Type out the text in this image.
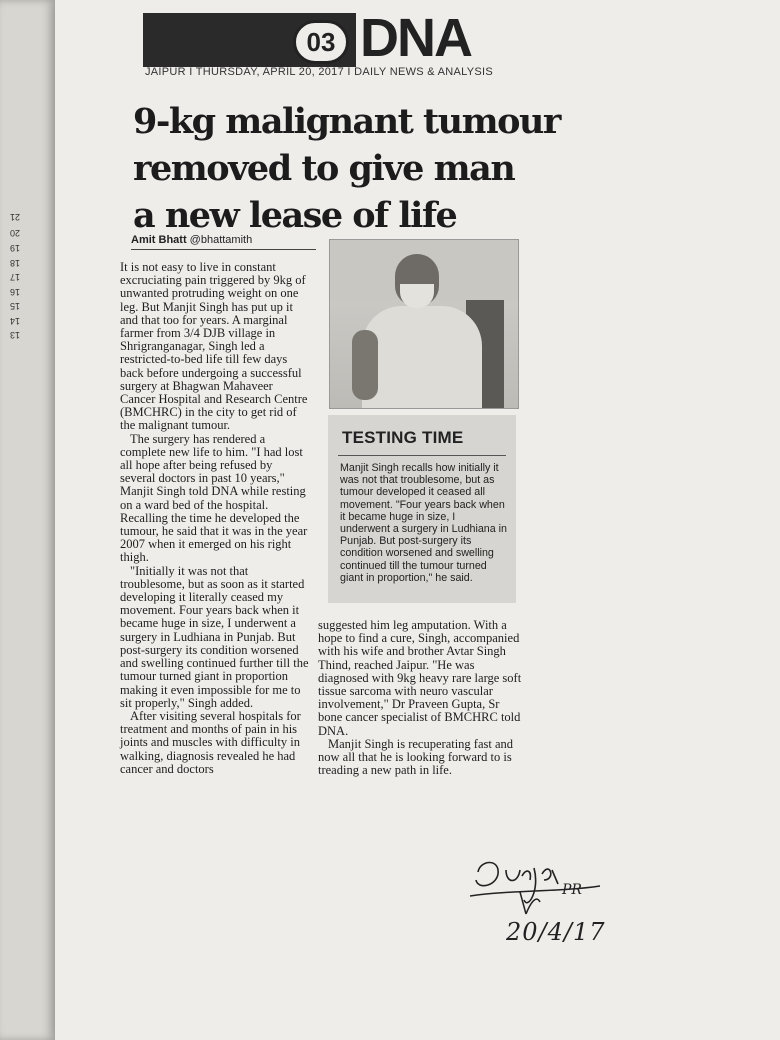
21
20
19
18
17
16
15
14
13
03 DNA
JAIPUR I THURSDAY, APRIL 20, 2017 I DAILY NEWS & ANALYSIS
9-kg malignant tumour
removed to give man
a new lease of life
Amit Bhatt @bhattamith

It is not easy to live in constant excruciating pain triggered by 9kg of unwanted protruding weight on one leg. But Manjit Singh has put up it and that too for years. A marginal farmer from 3/4 DJB village in Shrigranganagar, Singh led a restricted-to-bed life till few days back before undergoing a successful surgery at Bhagwan Mahaveer Cancer Hospital and Research Centre (BMCHRC) in the city to get rid of the malignant tumour.

The surgery has rendered a complete new life to him. "I had lost all hope after being refused by several doctors in past 10 years," Manjit Singh told DNA while resting on a ward bed of the hospital. Recalling the time he developed the tumour, he said that it was in the year 2007 when it emerged on his right thigh.

"Initially it was not that troublesome, but as soon as it started developing it literally ceased my movement. Four years back when it became huge in size, I underwent a surgery in Ludhiana in Punjab. But post-surgery its condition worsened and swelling continued further till the tumour turned giant in proportion making it even impossible for me to sit properly," Singh added.

After visiting several hospitals for treatment and months of pain in his joints and muscles with difficulty in walking, diagnosis revealed he had cancer and doctors

TESTING TIME
Manjit Singh recalls how initially it was not that troublesome, but as tumour developed it ceased all movement. "Four years back when it became huge in size, I underwent a surgery in Ludhiana in Punjab. But post-surgery its condition worsened and swelling continued till the tumour turned giant in proportion," he said.

suggested him leg amputation. With a hope to find a cure, Singh, accompanied with his wife and brother Avtar Singh Thind, reached Jaipur. "He was diagnosed with 9kg heavy rare large soft tissue sarcoma with neuro vascular involvement," Dr Praveen Gupta, Sr bone cancer specialist of BMCHRC told DNA.

Manjit Singh is recuperating fast and now all that he is looking forward to is treading a new path in life.

PR
20/4/17
